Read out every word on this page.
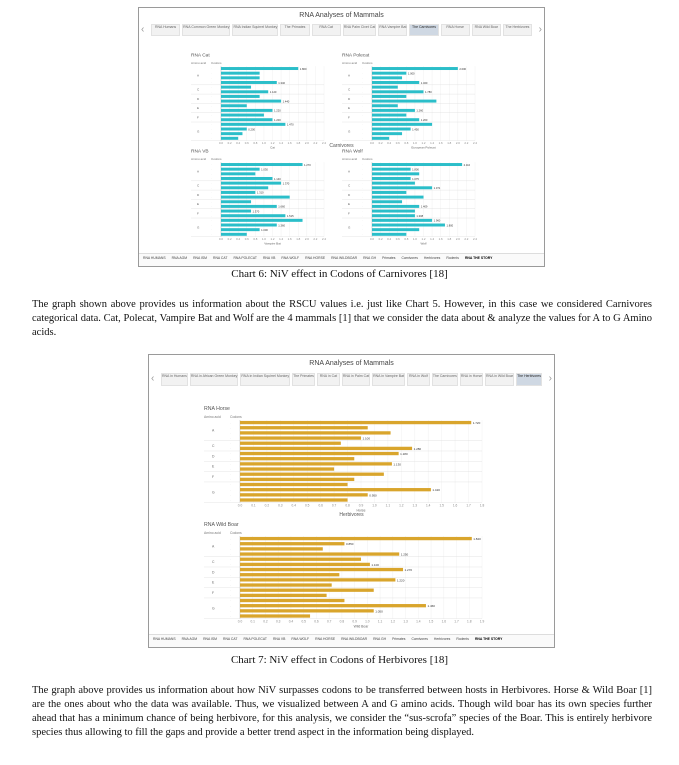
RNA Analyses of Mammals
‹	RNA Humans	RNA Common Green Monkey RNA Indian Squirrel Monkey	The Primates	RNA Cat	RNA Palm Civet Cat RNA Vampire Bat	The Carnivores	RNA Horse	RNA Wild Boar	The Herbivores ›
RNA Cat
Amino acid Codons
0.0 0.2 0.4 0.6 0.8 1.0 1.2 1.4 1.6 1.8 2.0 2.2 2.4
Cat
A
C
D
E
F
G
·	1.800
·
·
·	1.340
·
·	1.120
·
·	1.440
·
·	1.220
·
·	1.200
·	1.470
·	0.200
·
·
RNA Polecat
Amino acid Codons
0.0 0.2 0.4 0.6 0.8 1.0 1.2 1.4 1.6 1.8 2.0 2.2 2.4
European Polecat
A
C
D
E
F
G
·	2.000
·	1.000
·
·	1.320
·
·	1.780
·
·
·
·	1.260
·
·	1.200
·
·	1.450
·
·
Carnivores
RNA VB
Amino acid Codons
0.0 0.2 0.4 0.6 0.8 1.0 1.2 1.4 1.6 1.8 2.0 2.2 2.4
Vampire Bat
A
C
D
E
F
G
·	1.270
·	1.030
·
·	1.140
·	1.370
·
·	1.310
·
·
·	1.660
·	1.370
·	1.515
·
·	1.360
·	1.000
·
RNA Wolf
Amino acid Codons
0.0 0.2 0.4 0.6 0.8 1.0 1.2 1.4 1.6 1.8 2.0 2.2 2.4
Wolf
A
C
D
E
F
G
·	2.110
·	1.800
·
·	1.075
·
·	1.371
·
·
·
·	1.409
·
·	1.308
·	1.960
·	1.800
·
·
RNA HUMANS RNA AGM RNA ISM RNA CAT RNA POLECAT RNA VB RNA WOLF RNA HORSE RNA WILDBOAR RNA GH Primates Carnivores Herbivores Rodents RNA THE STORY
Chart 6: NiV effect in Codons of Carnivores [18]
The graph shown above provides us information about the RSCU values i.e. just like Chart 5. However, in this case we considered Carnivores categorical data. Cat, Polecat, Vampire Bat and Wolf are the 4 mammals [1] that we consider the data about & analyze the values for A to G Amino acids.
RNA Analyses of Mammals
‹ RNA in Humans RNA in African Green Monkey RNA in Indian Squirrel Monkey The Primates	RNA in Cat	RNA in Palm Cat RNA in Vampire Bat	RNA in Wolf	The Carnivores RNA in Horse RNA in Wild Boar The Herbivores ›
RNA Horse
Amino acid	Codons
0.0	0.1	0.2	0.3	0.4	0.5	0.6	0.7	0.8	0.9	1.0	1.1	1.2	1.3	1.4	1.5	1.6	1.7	1.8
Horse
A
C
D
E
F
G
·	1.720
·
·
·	1.100
·
·	1.280
·	1.180
·
·	1.130
·
·
·
·
·	1.420
·	0.950
·
Herbivores
RNA Wild Boar
Amino acid	Codons
0.0	0.1	0.2	0.3	0.4	0.5	0.6	0.7	0.8	0.9	1.0	1.1	1.2	1.3	1.4	1.5	1.6	1.7	1.8	1.9
Wild Boar
A
C
D
E
F
G
·	1.820
·	0.850
·
·	1.250
·
·	1.100
·	1.270
·
·	1.220
·
·
·
·
·	1.460
·	1.050
·
RNA HUMANS RNA AGM RNA ISM RNA CAT RNA POLECAT RNA VB RNA WOLF RNA HORSE RNA WILDBOAR RNA GH Primates Carnivores Herbivores Rodents RNA THE STORY
Chart 7: NiV effect in Codons of Herbivores [18]
The graph above provides us information about how NiV surpasses codons to be transferred between hosts in Herbivores. Horse & Wild Boar [1] are the ones about who the data was available. Thus, we visualized between A and G amino acids. Though wild boar has its own species further ahead that has a minimum chance of being herbivore, for this analysis, we consider the “sus-scrofa” species of the Boar. This is entirely herbivore species thus allowing to fill the gaps and provide a better trend aspect in the information being displayed.
